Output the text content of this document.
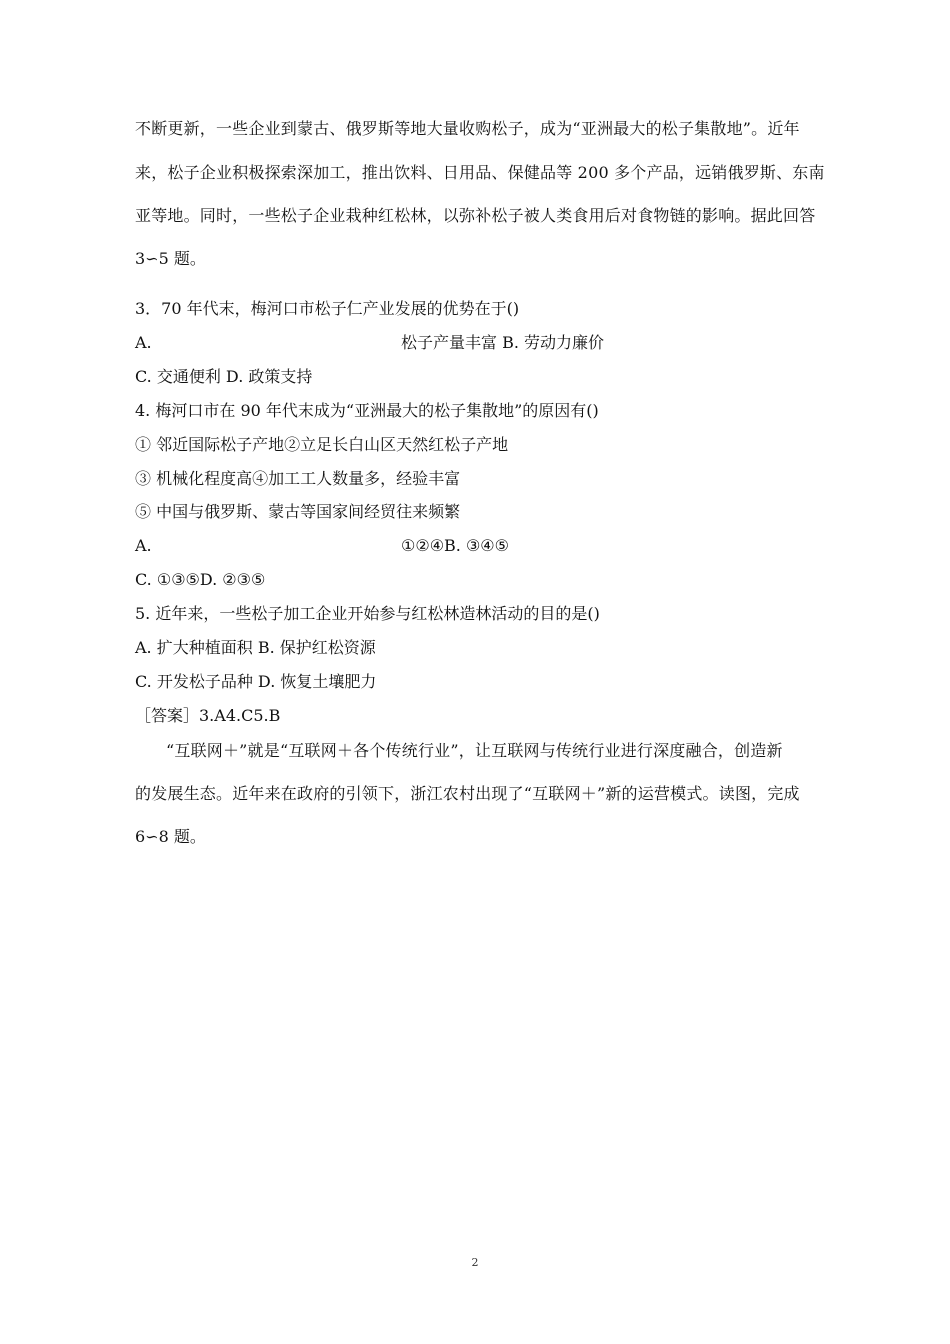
不断更新，一些企业到蒙古、俄罗斯等地大量收购松子，成为“亚洲最大的松子集散地”。近年
来，松子企业积极探索深加工，推出饮料、日用品、保健品等 200 多个产品，远销俄罗斯、东南
亚等地。同时，一些松子企业栽种红松林，以弥补松子被人类食用后对食物链的影响。据此回答
3∽5 题。
3．70 年代末，梅河口市松子仁产业发展的优势在于()
A.	松子产量丰富 B. 劳动力廉价
C. 交通便利 D. 政策支持
4. 梅河口市在 90 年代末成为“亚洲最大的松子集散地”的原因有()
① 邻近国际松子产地②立足长白山区天然红松子产地
③ 机械化程度高④加工工人数量多，经验丰富
⑤ 中国与俄罗斯、蒙古等国家间经贸往来频繁
A.	①②④B. ③④⑤
C. ①③⑤D. ②③⑤
5. 近年来，一些松子加工企业开始参与红松林造林活动的目的是()
A. 扩大种植面积 B. 保护红松资源
C. 开发松子品种 D. 恢复土壤肥力
［答案］3.A4.C5.B
“互联网＋”就是“互联网＋各个传统行业”，让互联网与传统行业进行深度融合，创造新
的发展生态。近年来在政府的引领下，浙江农村出现了“互联网＋”新的运营模式。读图，完成
6∽8 题。
2
